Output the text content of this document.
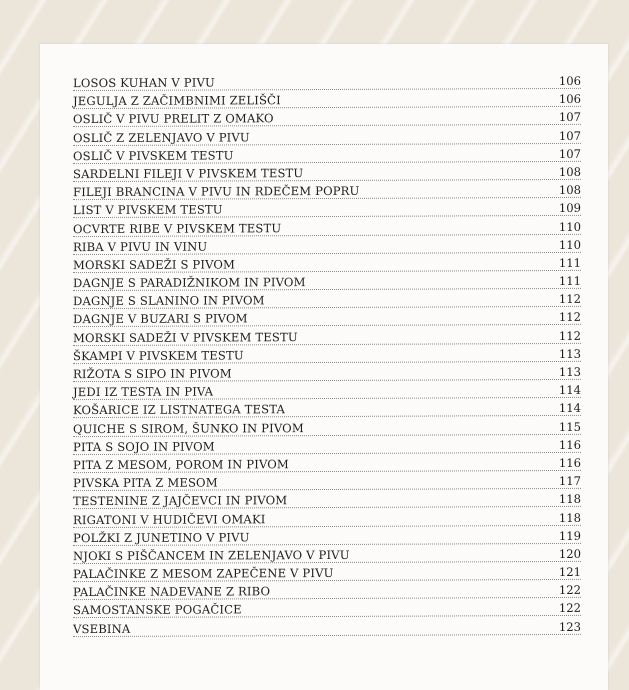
LOSOS KUHAN V PIVU	106
JEGULJA Z ZAČIMBNIMI ZELIŠČI	106
OSLIČ V PIVU PRELIT Z OMAKO	107
OSLIČ Z ZELENJAVO V PIVU	107
OSLIČ V PIVSKEM TESTU	107
SARDELNI FILEJI V PIVSKEM TESTU	108
FILEJI BRANCINA V PIVU IN RDEČEM POPRU	108
LIST V PIVSKEM TESTU	109
OCVRTE RIBE V PIVSKEM TESTU	110
RIBA V PIVU IN VINU	110
MORSKI SADEŽI S PIVOM	111
DAGNJE S PARADIŽNIKOM IN PIVOM	111
DAGNJE S SLANINO IN PIVOM	112
DAGNJE V BUZARI S PIVOM	112
MORSKI SADEŽI V PIVSKEM TESTU	112
ŠKAMPI V PIVSKEM TESTU	113
RIŽOTA S SIPO IN PIVOM	113
JEDI IZ TESTA IN PIVA	114
KOŠARICE IZ LISTNATEGA TESTA	114
QUICHE S SIROM, ŠUNKO IN PIVOM	115
PITA S SOJO IN PIVOM	116
PITA Z MESOM, POROM IN PIVOM	116
PIVSKA PITA Z MESOM	117
TESTENINE Z JAJČEVCI IN PIVOM	118
RIGATONI V HUDIČEVI OMAKI	118
POLŽKI Z JUNETINO V PIVU	119
NJOKI S PIŠČANCEM IN ZELENJAVO V PIVU	120
PALAČINKE Z MESOM ZAPEČENE V PIVU	121
PALAČINKE NADEVANE Z RIBO	122
SAMOSTANSKE POGAČICE	122
VSEBINA	123
